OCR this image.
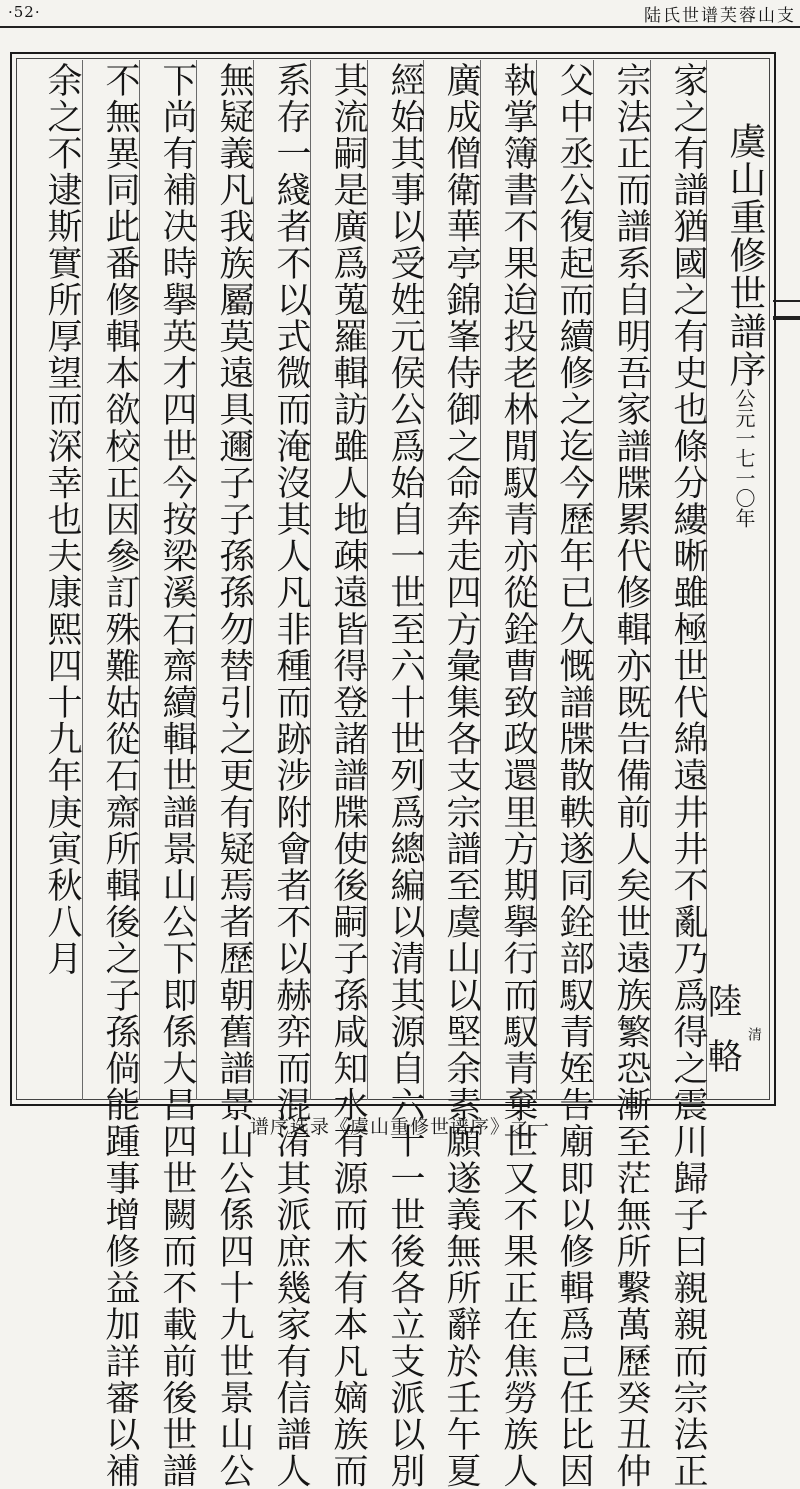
·52·	陆氏世谱芙蓉山支
虞山重修世譜序公元一七一〇年
清
陸輅
家之有譜猶國之有史也條分縷晰雖極世代綿遠井井不亂乃爲得之震川歸子曰親親而宗法正
宗法正而譜系自明吾家譜牒累代修輯亦既告備前人矣世遠族繁恐漸至茫無所繫萬歷癸丑仲
父中丞公復起而續修之迄今歷年已久慨譜牒散軼遂同銓部馭青姪告廟即以修輯爲己任比因
執掌簿書不果迨投老林閒馭青亦從銓曹致政還里方期擧行而馭青棄世又不果正在焦勞族人
廣成僧衛華亭錦峯侍御之命奔走四方彙集各支宗譜至虞山以堅余素願遂義無所辭於壬午夏
經始其事以受姓元侯公爲始自一世至六十世列爲總編以清其源自六十一世後各立支派以別
其流嗣是廣爲蒐羅輯訪雖人地疎遠皆得登諸譜牒使後嗣子孫咸知水有源而木有本凡嫡族而
系存一綫者不以式微而淹沒其人凡非種而跡涉附會者不以赫弈而混淆其派庶幾家有信譜人
無疑義凡我族屬莫遠具邇子子孫孫勿替引之更有疑焉者歷朝舊譜景山公係四十九世景山公
下尚有補决時擧英才四世今按梁溪石齋續輯世譜景山公下即係大昌四世闕而不載前後世譜
不無異同此番修輯本欲校正因參訂殊難姑從石齋所輯後之子孫倘能踵事增修益加詳審以補
余之不逮斯實所厚望而深幸也夫康熙四十九年庚寅秋八月
谱序选录《虞山重修世谱序》之一
